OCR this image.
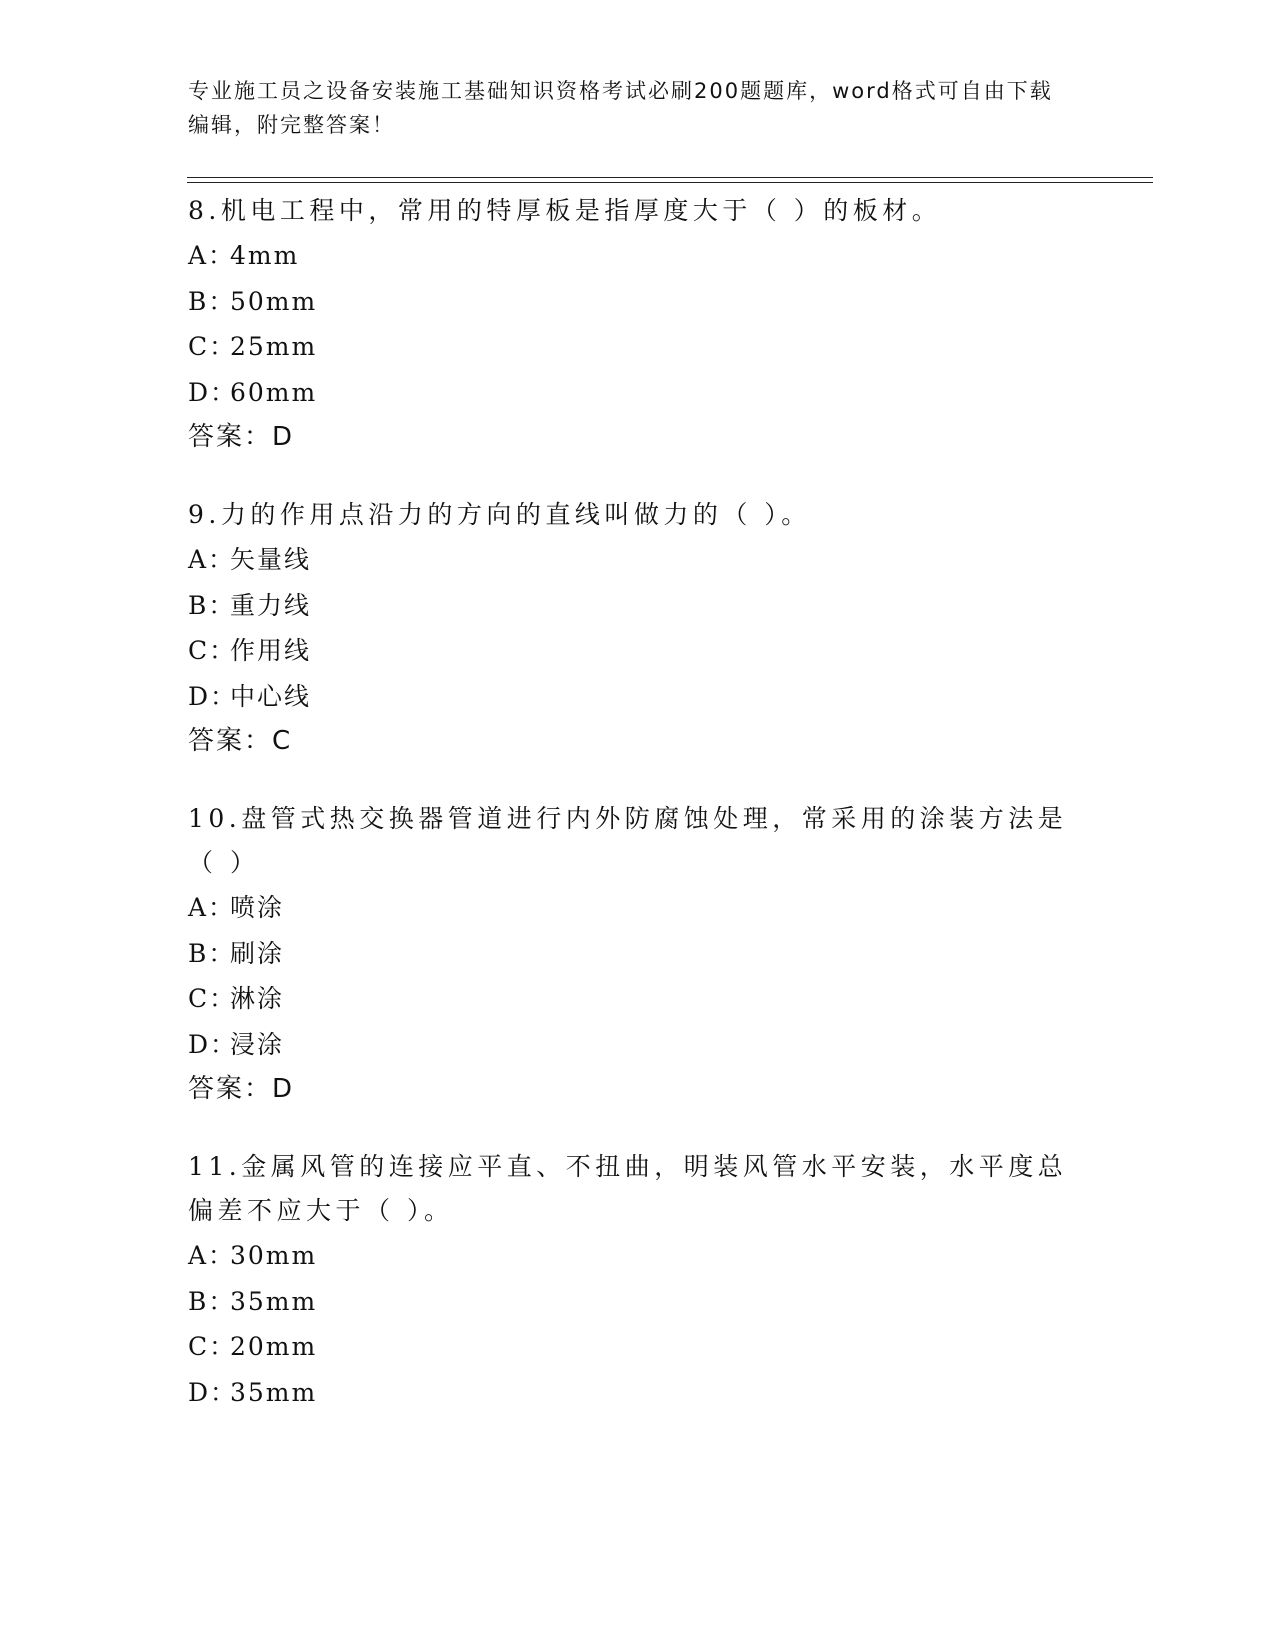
专业施工员之设备安装施工基础知识资格考试必刷200题题库，word格式可自由下载编辑，附完整答案！

8.机电工程中，常用的特厚板是指厚度大于（ ）的板材。

A：4mm

B：50mm

C：25mm

D：60mm

答案：D

9.力的作用点沿力的方向的直线叫做力的（ ）。

A：矢量线

B：重力线

C：作用线

D：中心线

答案：C

10.盘管式热交换器管道进行内外防腐蚀处理，常采用的涂装方法是（ ）

A：喷涂

B：刷涂

C：淋涂

D：浸涂

答案：D

11.金属风管的连接应平直、不扭曲，明装风管水平安装，水平度总偏差不应大于（ ）。

A：30mm

B：35mm

C：20mm

D：35mm
